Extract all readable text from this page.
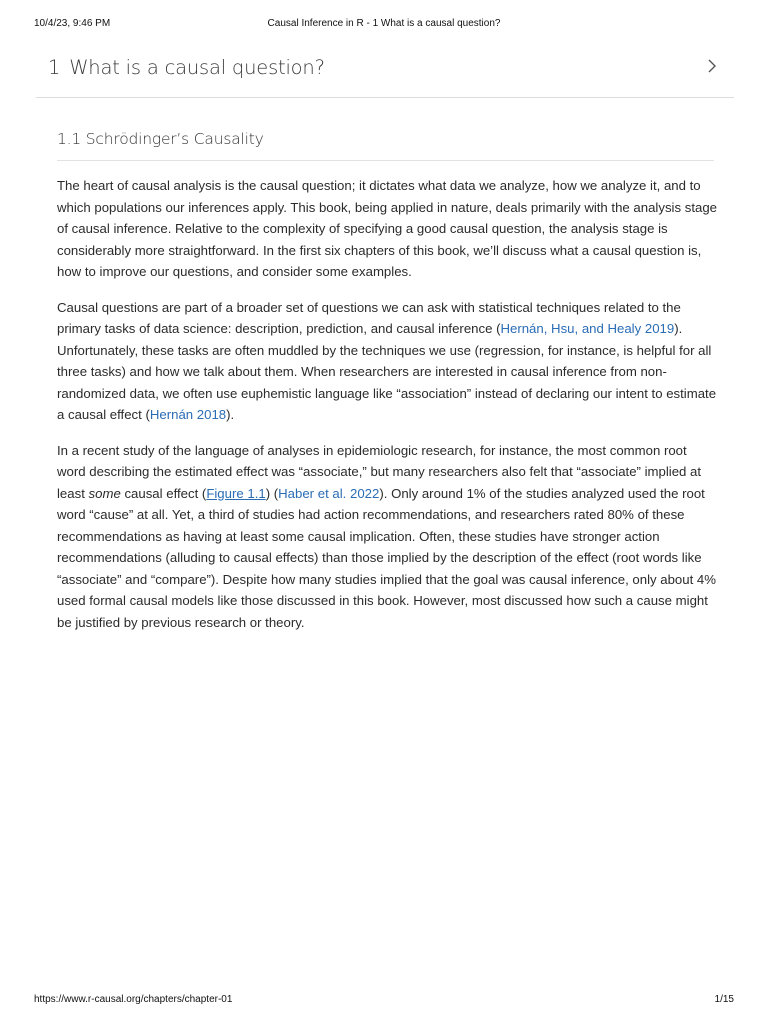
10/4/23, 9:46 PM	Causal Inference in R - 1 What is a causal question?
1 What is a causal question?
1.1 Schrödinger’s Causality

The heart of causal analysis is the causal question; it dictates what data we analyze, how we analyze it, and to which populations our inferences apply. This book, being applied in nature, deals primarily with the analysis stage of causal inference. Relative to the complexity of specifying a good causal question, the analysis stage is considerably more straightforward. In the first six chapters of this book, we’ll discuss what a causal question is, how to improve our questions, and consider some examples.

Causal questions are part of a broader set of questions we can ask with statistical techniques related to the primary tasks of data science: description, prediction, and causal inference (Hernán, Hsu, and Healy 2019). Unfortunately, these tasks are often muddled by the techniques we use (regression, for instance, is helpful for all three tasks) and how we talk about them. When researchers are interested in causal inference from non-randomized data, we often use euphemistic language like “association” instead of declaring our intent to estimate a causal effect (Hernán 2018).

In a recent study of the language of analyses in epidemiologic research, for instance, the most common root word describing the estimated effect was “associate,” but many researchers also felt that “associate” implied at least some causal effect (Figure 1.1) (Haber et al. 2022). Only around 1% of the studies analyzed used the root word “cause” at all. Yet, a third of studies had action recommendations, and researchers rated 80% of these recommendations as having at least some causal implication. Often, these studies have stronger action recommendations (alluding to causal effects) than those implied by the description of the effect (root words like “associate” and “compare”). Despite how many studies implied that the goal was causal inference, only about 4% used formal causal models like those discussed in this book. However, most discussed how such a cause might be justified by previous research or theory.

https://www.r-causal.org/chapters/chapter-01	1/15
